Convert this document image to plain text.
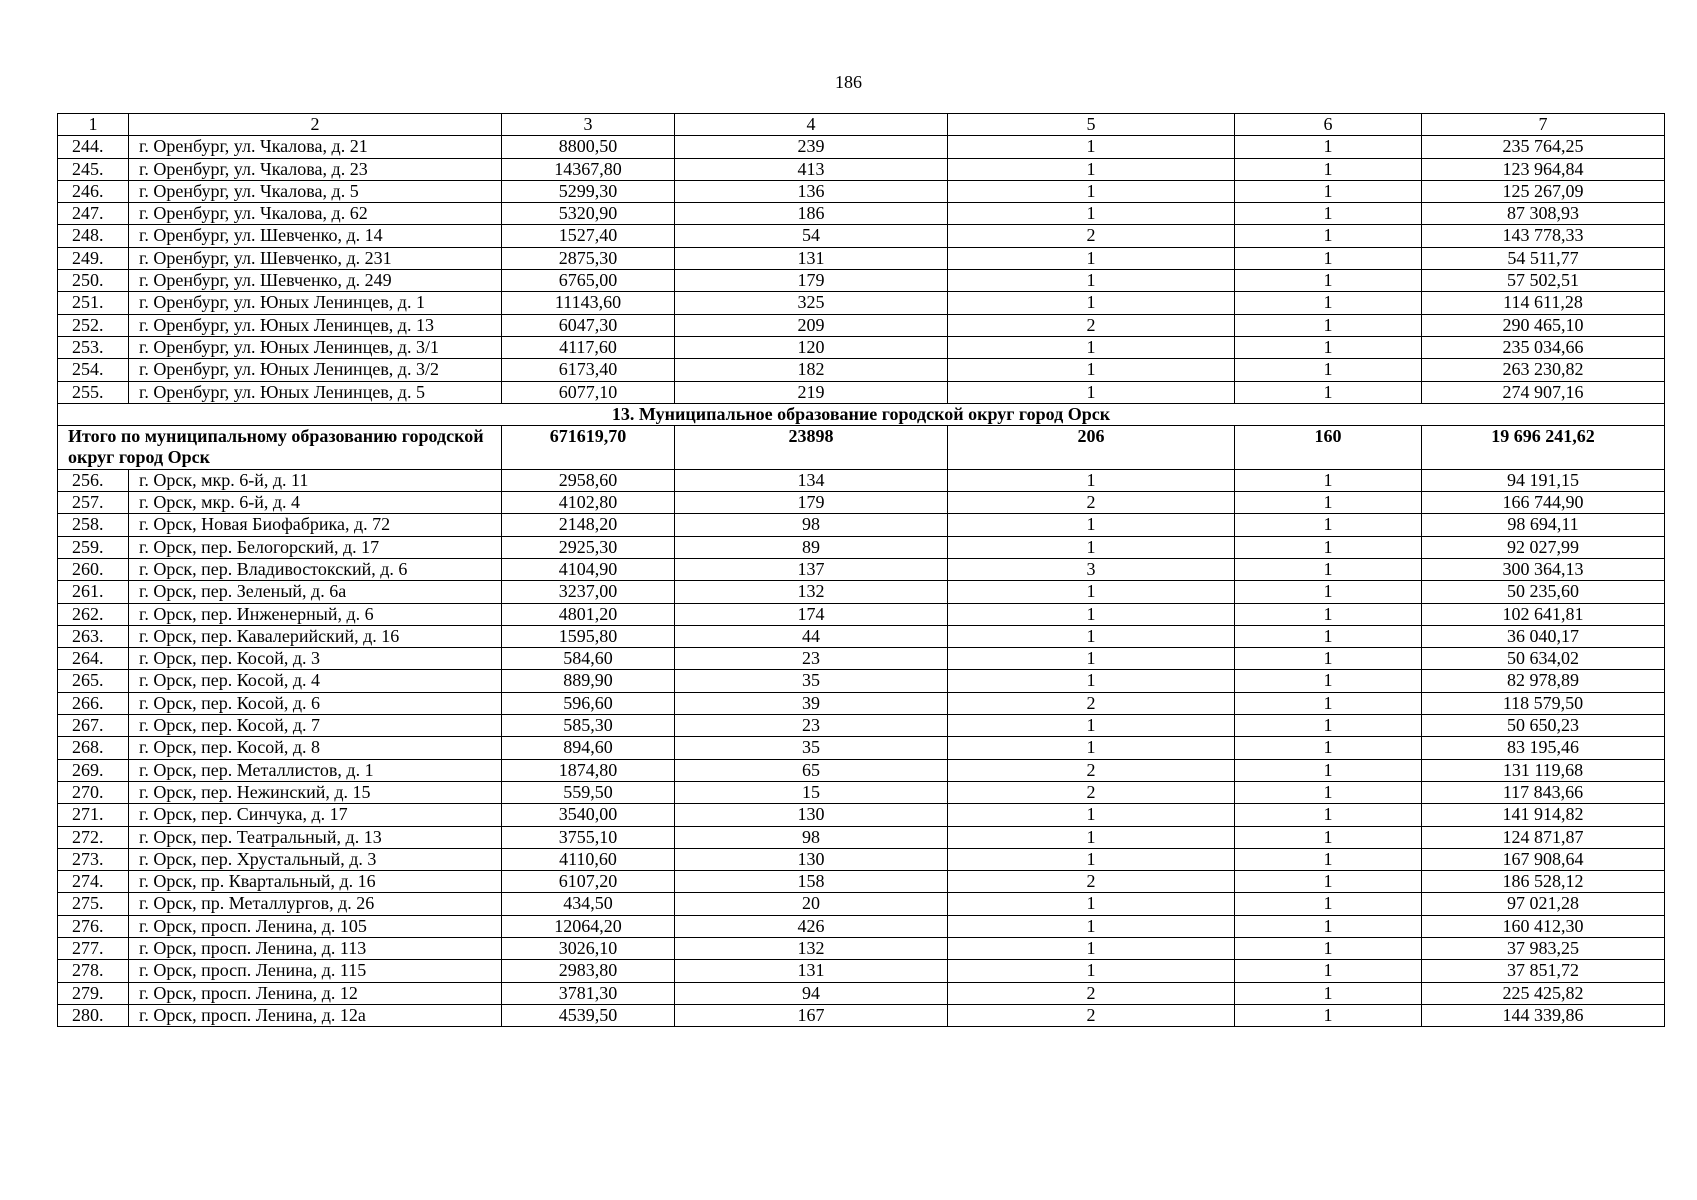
186
1	2	3	4	5	6	7
244.	г. Оренбург, ул. Чкалова, д. 21	8800,50	239	1	1	235 764,25
245.	г. Оренбург, ул. Чкалова, д. 23	14367,80	413	1	1	123 964,84
246.	г. Оренбург, ул. Чкалова, д. 5	5299,30	136	1	1	125 267,09
247.	г. Оренбург, ул. Чкалова, д. 62	5320,90	186	1	1	87 308,93
248.	г. Оренбург, ул. Шевченко, д. 14	1527,40	54	2	1	143 778,33
249.	г. Оренбург, ул. Шевченко, д. 231	2875,30	131	1	1	54 511,77
250.	г. Оренбург, ул. Шевченко, д. 249	6765,00	179	1	1	57 502,51
251.	г. Оренбург, ул. Юных Ленинцев, д. 1	11143,60	325	1	1	114 611,28
252.	г. Оренбург, ул. Юных Ленинцев, д. 13	6047,30	209	2	1	290 465,10
253.	г. Оренбург, ул. Юных Ленинцев, д. 3/1	4117,60	120	1	1	235 034,66
254.	г. Оренбург, ул. Юных Ленинцев, д. 3/2	6173,40	182	1	1	263 230,82
255.	г. Оренбург, ул. Юных Ленинцев, д. 5	6077,10	219	1	1	274 907,16
13. Муниципальное образование городской округ город Орск						
Итого по муниципальному образованию городской округ город Орск		671619,70	23898	206	160	19 696 241,62
256.	г. Орск, мкр. 6-й, д. 11	2958,60	134	1	1	94 191,15
257.	г. Орск, мкр. 6-й, д. 4	4102,80	179	2	1	166 744,90
258.	г. Орск, Новая Биофабрика, д. 72	2148,20	98	1	1	98 694,11
259.	г. Орск, пер. Белогорский, д. 17	2925,30	89	1	1	92 027,99
260.	г. Орск, пер. Владивостокский, д. 6	4104,90	137	3	1	300 364,13
261.	г. Орск, пер. Зеленый, д. 6а	3237,00	132	1	1	50 235,60
262.	г. Орск, пер. Инженерный, д. 6	4801,20	174	1	1	102 641,81
263.	г. Орск, пер. Кавалерийский, д. 16	1595,80	44	1	1	36 040,17
264.	г. Орск, пер. Косой, д. 3	584,60	23	1	1	50 634,02
265.	г. Орск, пер. Косой, д. 4	889,90	35	1	1	82 978,89
266.	г. Орск, пер. Косой, д. 6	596,60	39	2	1	118 579,50
267.	г. Орск, пер. Косой, д. 7	585,30	23	1	1	50 650,23
268.	г. Орск, пер. Косой, д. 8	894,60	35	1	1	83 195,46
269.	г. Орск, пер. Металлистов, д. 1	1874,80	65	2	1	131 119,68
270.	г. Орск, пер. Нежинский, д. 15	559,50	15	2	1	117 843,66
271.	г. Орск, пер. Синчука, д. 17	3540,00	130	1	1	141 914,82
272.	г. Орск, пер. Театральный, д. 13	3755,10	98	1	1	124 871,87
273.	г. Орск, пер. Хрустальный, д. 3	4110,60	130	1	1	167 908,64
274.	г. Орск, пр. Квартальный, д. 16	6107,20	158	2	1	186 528,12
275.	г. Орск, пр. Металлургов, д. 26	434,50	20	1	1	97 021,28
276.	г. Орск, просп. Ленина, д. 105	12064,20	426	1	1	160 412,30
277.	г. Орск, просп. Ленина, д. 113	3026,10	132	1	1	37 983,25
278.	г. Орск, просп. Ленина, д. 115	2983,80	131	1	1	37 851,72
279.	г. Орск, просп. Ленина, д. 12	3781,30	94	2	1	225 425,82
280.	г. Орск, просп. Ленина, д. 12а	4539,50	167	2	1	144 339,86
